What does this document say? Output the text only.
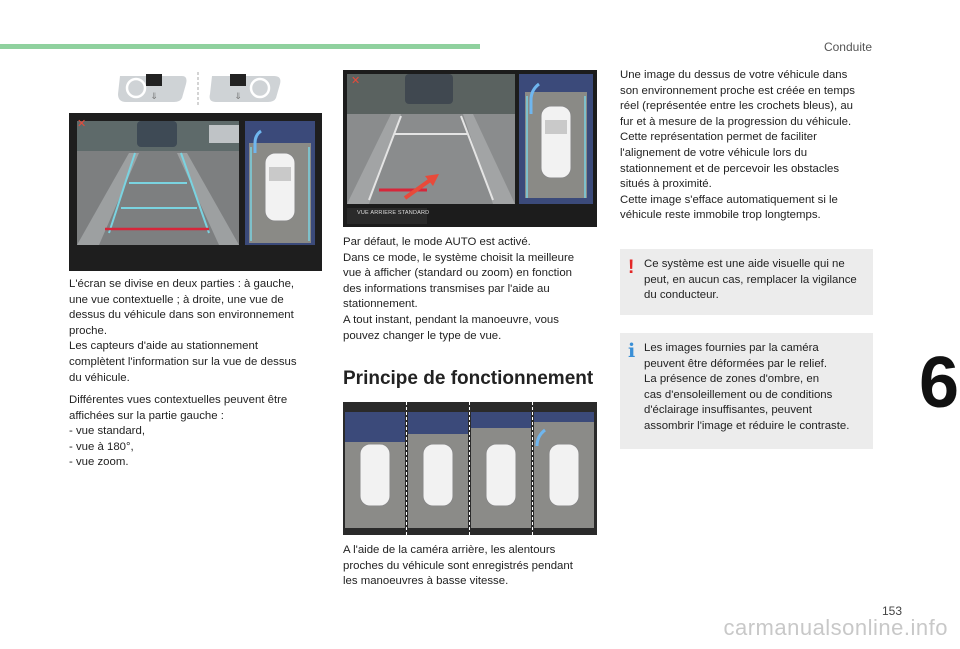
Conduite
6
153
carmanualsonline.info
⇓	⇓
✕

L'écran se divise en deux parties : à gauche,

une vue contextuelle ; à droite, une vue de

dessus du véhicule dans son environnement

proche.

Les capteurs d'aide au stationnement

complètent l'information sur la vue de dessus

du véhicule.

Différentes vues contextuelles peuvent être

affichées sur la partie gauche :

- vue standard,

- vue à 180°,

- vue zoom.

✕
VUE ARRIERE STANDARD

Par défaut, le mode AUTO est activé.

Dans ce mode, le système choisit la meilleure

vue à afficher (standard ou zoom) en fonction

des informations transmises par l'aide au

stationnement.

A tout instant, pendant la manoeuvre, vous

pouvez changer le type de vue.

Principe de fonctionnement

A l'aide de la caméra arrière, les alentours

proches du véhicule sont enregistrés pendant

les manoeuvres à basse vitesse.

Une image du dessus de votre véhicule dans

son environnement proche est créée en temps

réel (représentée entre les crochets bleus), au

fur et à mesure de la progression du véhicule.

Cette représentation permet de faciliter

l'alignement de votre véhicule lors du

stationnement et de percevoir les obstacles

situés à proximité.

Cette image s'efface automatiquement si le

véhicule reste immobile trop longtemps.

! Ce système est une aide visuelle qui ne

peut, en aucun cas, remplacer la vigilance

du conducteur.

i Les images fournies par la caméra

peuvent être déformées par le relief.

La présence de zones d'ombre, en

cas d'ensoleillement ou de conditions

d'éclairage insuffisantes, peuvent

assombrir l'image et réduire le contraste.
